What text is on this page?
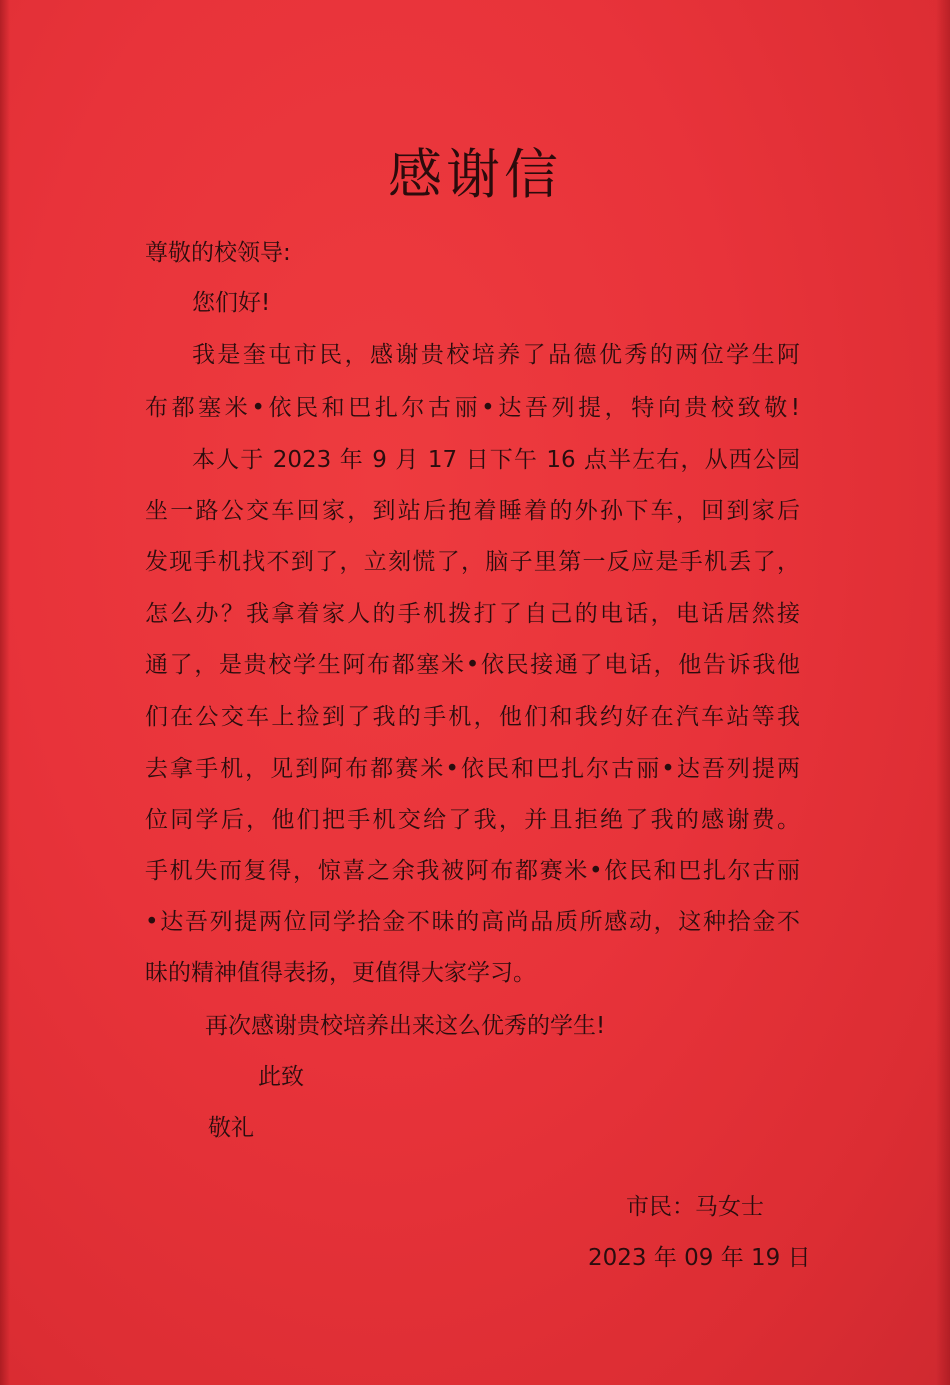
感谢信
尊敬的校领导:
您们好!
我是奎屯市民，感谢贵校培养了品德优秀的两位学生阿
布都塞米•依民和巴扎尔古丽•达吾列提，特向贵校致敬!
本人于 2023 年 9 月 17 日下午 16 点半左右，从西公园
坐一路公交车回家，到站后抱着睡着的外孙下车，回到家后
发现手机找不到了，立刻慌了，脑子里第一反应是手机丢了，
怎么办？我拿着家人的手机拨打了自己的电话，电话居然接
通了，是贵校学生阿布都塞米•依民接通了电话，他告诉我他
们在公交车上捡到了我的手机，他们和我约好在汽车站等我
去拿手机，见到阿布都赛米•依民和巴扎尔古丽•达吾列提两
位同学后，他们把手机交给了我，并且拒绝了我的感谢费。
手机失而复得，惊喜之余我被阿布都赛米•依民和巴扎尔古丽
•达吾列提两位同学拾金不昧的高尚品质所感动，这种拾金不
昧的精神值得表扬，更值得大家学习。
再次感谢贵校培养出来这么优秀的学生!
此致
敬礼
市民：马女士
2023 年 09 年 19 日
